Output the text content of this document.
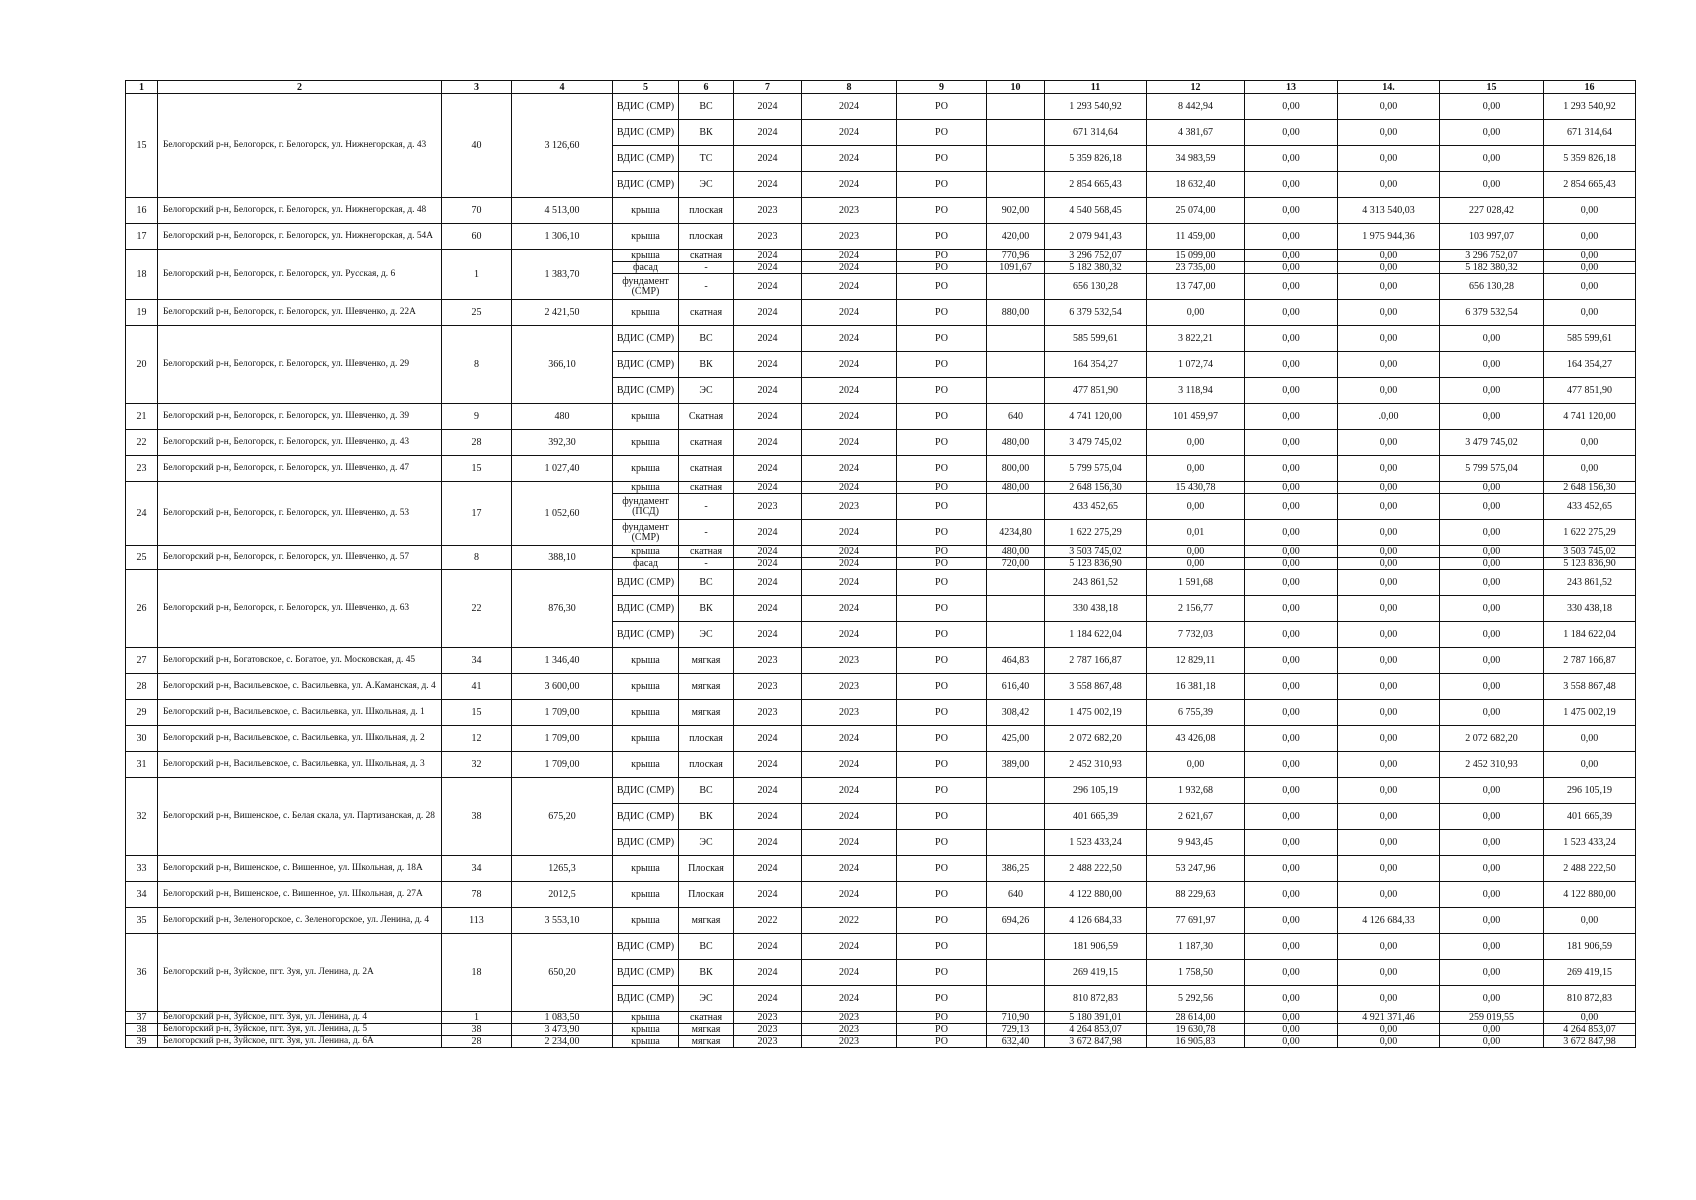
1	2	3	4	5	6	7	8	9	10	11	12	13	14.	15	16
15	Белогорский р-н, Белогорск, г. Белогорск, ул. Нижнегорская, д. 43	40	3 126,60	ВДИС (СМР)	ВС	2024	2024	РО		1 293 540,92	8 442,94	0,00	0,00	0,00	1 293 540,92
				ВДИС (СМР)	ВК	2024	2024	РО		671 314,64	4 381,67	0,00	0,00	0,00	671 314,64
				ВДИС (СМР)	ТС	2024	2024	РО		5 359 826,18	34 983,59	0,00	0,00	0,00	5 359 826,18
				ВДИС (СМР)	ЭС	2024	2024	РО		2 854 665,43	18 632,40	0,00	0,00	0,00	2 854 665,43
16	Белогорский р-н, Белогорск, г. Белогорск, ул. Нижнегорская, д. 48	70	4 513,00	крыша	плоская	2023	2023	РО	902,00	4 540 568,45	25 074,00	0,00	4 313 540,03	227 028,42	0,00
17	Белогорский р-н, Белогорск, г. Белогорск, ул. Нижнегорская, д. 54А	60	1 306,10	крыша	плоская	2023	2023	РО	420,00	2 079 941,43	11 459,00	0,00	1 975 944,36	103 997,07	0,00
18	Белогорский р-н, Белогорск, г. Белогорск, ул. Русская, д. 6	1	1 383,70	крыша	скатная	2024	2024	РО	770,96	3 296 752,07	15 099,00	0,00	0,00	3 296 752,07	0,00
				фасад	-	2024	2024	РО	1091,67	5 182 380,32	23 735,00	0,00	0,00	5 182 380,32	0,00
				фундамент (СМР)	-	2024	2024	РО		656 130,28	13 747,00	0,00	0,00	656 130,28	0,00
19	Белогорский р-н, Белогорск, г. Белогорск, ул. Шевченко, д. 22А	25	2 421,50	крыша	скатная	2024	2024	РО	880,00	6 379 532,54	0,00	0,00	0,00	6 379 532,54	0,00
20	Белогорский р-н, Белогорск, г. Белогорск, ул. Шевченко, д. 29	8	366,10	ВДИС (СМР)	ВС	2024	2024	РО		585 599,61	3 822,21	0,00	0,00	0,00	585 599,61
				ВДИС (СМР)	ВК	2024	2024	РО		164 354,27	1 072,74	0,00	0,00	0,00	164 354,27
				ВДИС (СМР)	ЭС	2024	2024	РО		477 851,90	3 118,94	0,00	0,00	0,00	477 851,90
21	Белогорский р-н, Белогорск, г. Белогорск, ул. Шевченко, д. 39	9	480	крыша	Скатная	2024	2024	РО	640	4 741 120,00	101 459,97	0,00	.0,00	0,00	4 741 120,00
22	Белогорский р-н, Белогорск, г. Белогорск, ул. Шевченко, д. 43	28	392,30	крыша	скатная	2024	2024	РО	480,00	3 479 745,02	0,00	0,00	0,00	3 479 745,02	0,00
23	Белогорский р-н, Белогорск, г. Белогорск, ул. Шевченко, д. 47	15	1 027,40	крыша	скатная	2024	2024	РО	800,00	5 799 575,04	0,00	0,00	0,00	5 799 575,04	0,00
24	Белогорский р-н, Белогорск, г. Белогорск, ул. Шевченко, д. 53	17	1 052,60	крыша	скатная	2024	2024	РО	480,00	2 648 156,30	15 430,78	0,00	0,00	0,00	2 648 156,30
				фундамент (ПСД)	-	2023	2023	РО		433 452,65	0,00	0,00	0,00	0,00	433 452,65
				фундамент (СМР)	-	2024	2024	РО	4234,80	1 622 275,29	0,01	0,00	0,00	0,00	1 622 275,29
25	Белогорский р-н, Белогорск, г. Белогорск, ул. Шевченко, д. 57	8	388,10	крыша	скатная	2024	2024	РО	480,00	3 503 745,02	0,00	0,00	0,00	0,00	3 503 745,02
				фасад	-	2024	2024	РО	720,00	5 123 836,90	0,00	0,00	0,00	0,00	5 123 836,90
26	Белогорский р-н, Белогорск, г. Белогорск, ул. Шевченко, д. 63	22	876,30	ВДИС (СМР)	ВС	2024	2024	РО		243 861,52	1 591,68	0,00	0,00	0,00	243 861,52
				ВДИС (СМР)	ВК	2024	2024	РО		330 438,18	2 156,77	0,00	0,00	0,00	330 438,18
				ВДИС (СМР)	ЭС	2024	2024	РО		1 184 622,04	7 732,03	0,00	0,00	0,00	1 184 622,04
27	Белогорский р-н, Богатовское, с. Богатое, ул. Московская, д. 45	34	1 346,40	крыша	мягкая	2023	2023	РО	464,83	2 787 166,87	12 829,11	0,00	0,00	0,00	2 787 166,87
28	Белогорский р-н, Васильевское, с. Васильевка, ул. А.Каманская, д. 4	41	3 600,00	крыша	мягкая	2023	2023	РО	616,40	3 558 867,48	16 381,18	0,00	0,00	0,00	3 558 867,48
29	Белогорский р-н, Васильевское, с. Васильевка, ул. Школьная, д. 1	15	1 709,00	крыша	мягкая	2023	2023	РО	308,42	1 475 002,19	6 755,39	0,00	0,00	0,00	1 475 002,19
30	Белогорский р-н, Васильевское, с. Васильевка, ул. Школьная, д. 2	12	1 709,00	крыша	плоская	2024	2024	РО	425,00	2 072 682,20	43 426,08	0,00	0,00	2 072 682,20	0,00
31	Белогорский р-н, Васильевское, с. Васильевка, ул. Школьная, д. 3	32	1 709,00	крыша	плоская	2024	2024	РО	389,00	2 452 310,93	0,00	0,00	0,00	2 452 310,93	0,00
32	Белогорский р-н, Вишенское, с. Белая скала, ул. Партизанская, д. 28	38	675,20	ВДИС (СМР)	ВС	2024	2024	РО		296 105,19	1 932,68	0,00	0,00	0,00	296 105,19
				ВДИС (СМР)	ВК	2024	2024	РО		401 665,39	2 621,67	0,00	0,00	0,00	401 665,39
				ВДИС (СМР)	ЭС	2024	2024	РО		1 523 433,24	9 943,45	0,00	0,00	0,00	1 523 433,24
33	Белогорский р-н, Вишенское, с. Вишенное, ул. Школьная, д. 18А	34	1265,3	крыша	Плоская	2024	2024	РО	386,25	2 488 222,50	53 247,96	0,00	0,00	0,00	2 488 222,50
34	Белогорский р-н, Вишенское, с. Вишенное, ул. Школьная, д. 27А	78	2012,5	крыша	Плоская	2024	2024	РО	640	4 122 880,00	88 229,63	0,00	0,00	0,00	4 122 880,00
35	Белогорский р-н, Зеленогорское, с. Зеленогорское, ул. Ленина, д. 4	113	3 553,10	крыша	мягкая	2022	2022	РО	694,26	4 126 684,33	77 691,97	0,00	4 126 684,33	0,00	0,00
36	Белогорский р-н, Зуйское, пгт. Зуя, ул. Ленина, д. 2А	18	650,20	ВДИС (СМР)	ВС	2024	2024	РО		181 906,59	1 187,30	0,00	0,00	0,00	181 906,59
				ВДИС (СМР)	ВК	2024	2024	РО		269 419,15	1 758,50	0,00	0,00	0,00	269 419,15
				ВДИС (СМР)	ЭС	2024	2024	РО		810 872,83	5 292,56	0,00	0,00	0,00	810 872,83
37	Белогорский р-н, Зуйское, пгт. Зуя, ул. Ленина, д. 4	1	1 083,50	крыша	скатная	2023	2023	РО	710,90	5 180 391,01	28 614,00	0,00	4 921 371,46	259 019,55	0,00
38	Белогорский р-н, Зуйское, пгт. Зуя, ул. Ленина, д. 5	38	3 473,90	крыша	мягкая	2023	2023	РО	729,13	4 264 853,07	19 630,78	0,00	0,00	0,00	4 264 853,07
39	Белогорский р-н, Зуйское, пгт. Зуя, ул. Ленина, д. 6А	28	2 234,00	крыша	мягкая	2023	2023	РО	632,40	3 672 847,98	16 905,83	0,00	0,00	0,00	3 672 847,98
